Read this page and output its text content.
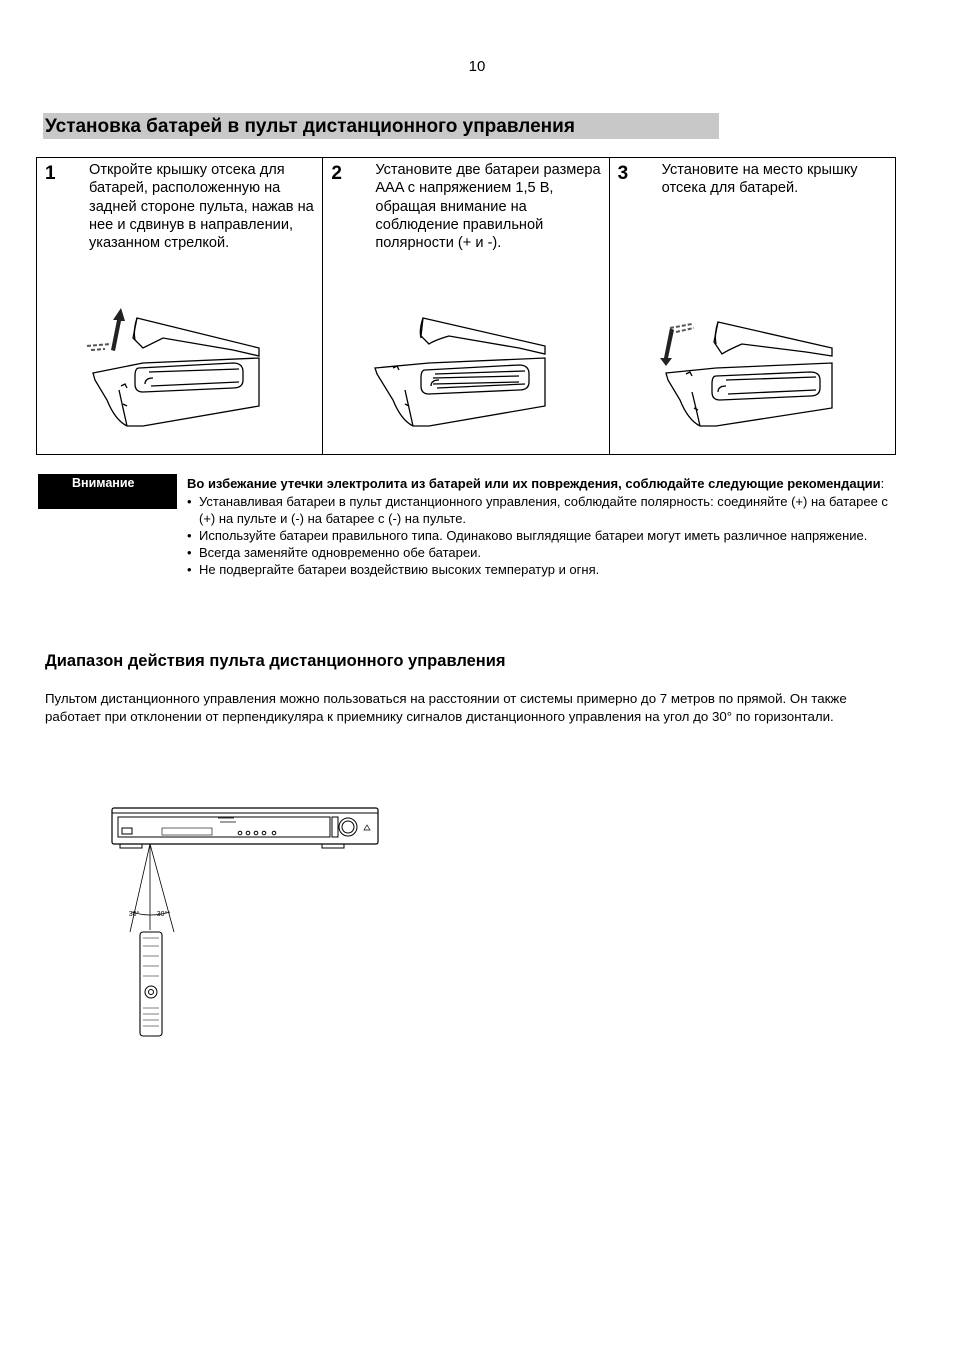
10
Установка батарей в пульт дистанционного управления
1 Откройте крышку отсека для батарей, расположенную на задней стороне пульта, нажав на нее и сдвинув в направлении, указанном стрелкой.
2 Установите две батареи размера AAA с напряжением 1,5 В, обращая внимание на соблюдение правильной полярности (+ и -).
3 Установите на место крышку отсека для батарей.
Внимание	Во избежание утечки электролита из батарей или их повреждения, соблюдайте следующие рекомендации:
• Устанавливая батареи в пульт дистанционного управления, соблюдайте полярность: соединяйте (+) на батарее с (+) на пульте и (-) на батарее с (-) на пульте.
• Используйте батареи правильного типа. Одинаково выглядящие батареи могут иметь различное напряжение.
• Всегда заменяйте одновременно обе батареи.
• Не подвергайте батареи воздействию высоких температур и огня.
Диапазон действия пульта дистанционного управления
Пультом дистанционного управления можно пользоваться на расстоянии от системы примерно до 7 метров по прямой. Он также работает при отклонении от перпендикуляра к приемнику сигналов дистанционного управления на угол до 30° по горизонтали.
30° 30°
